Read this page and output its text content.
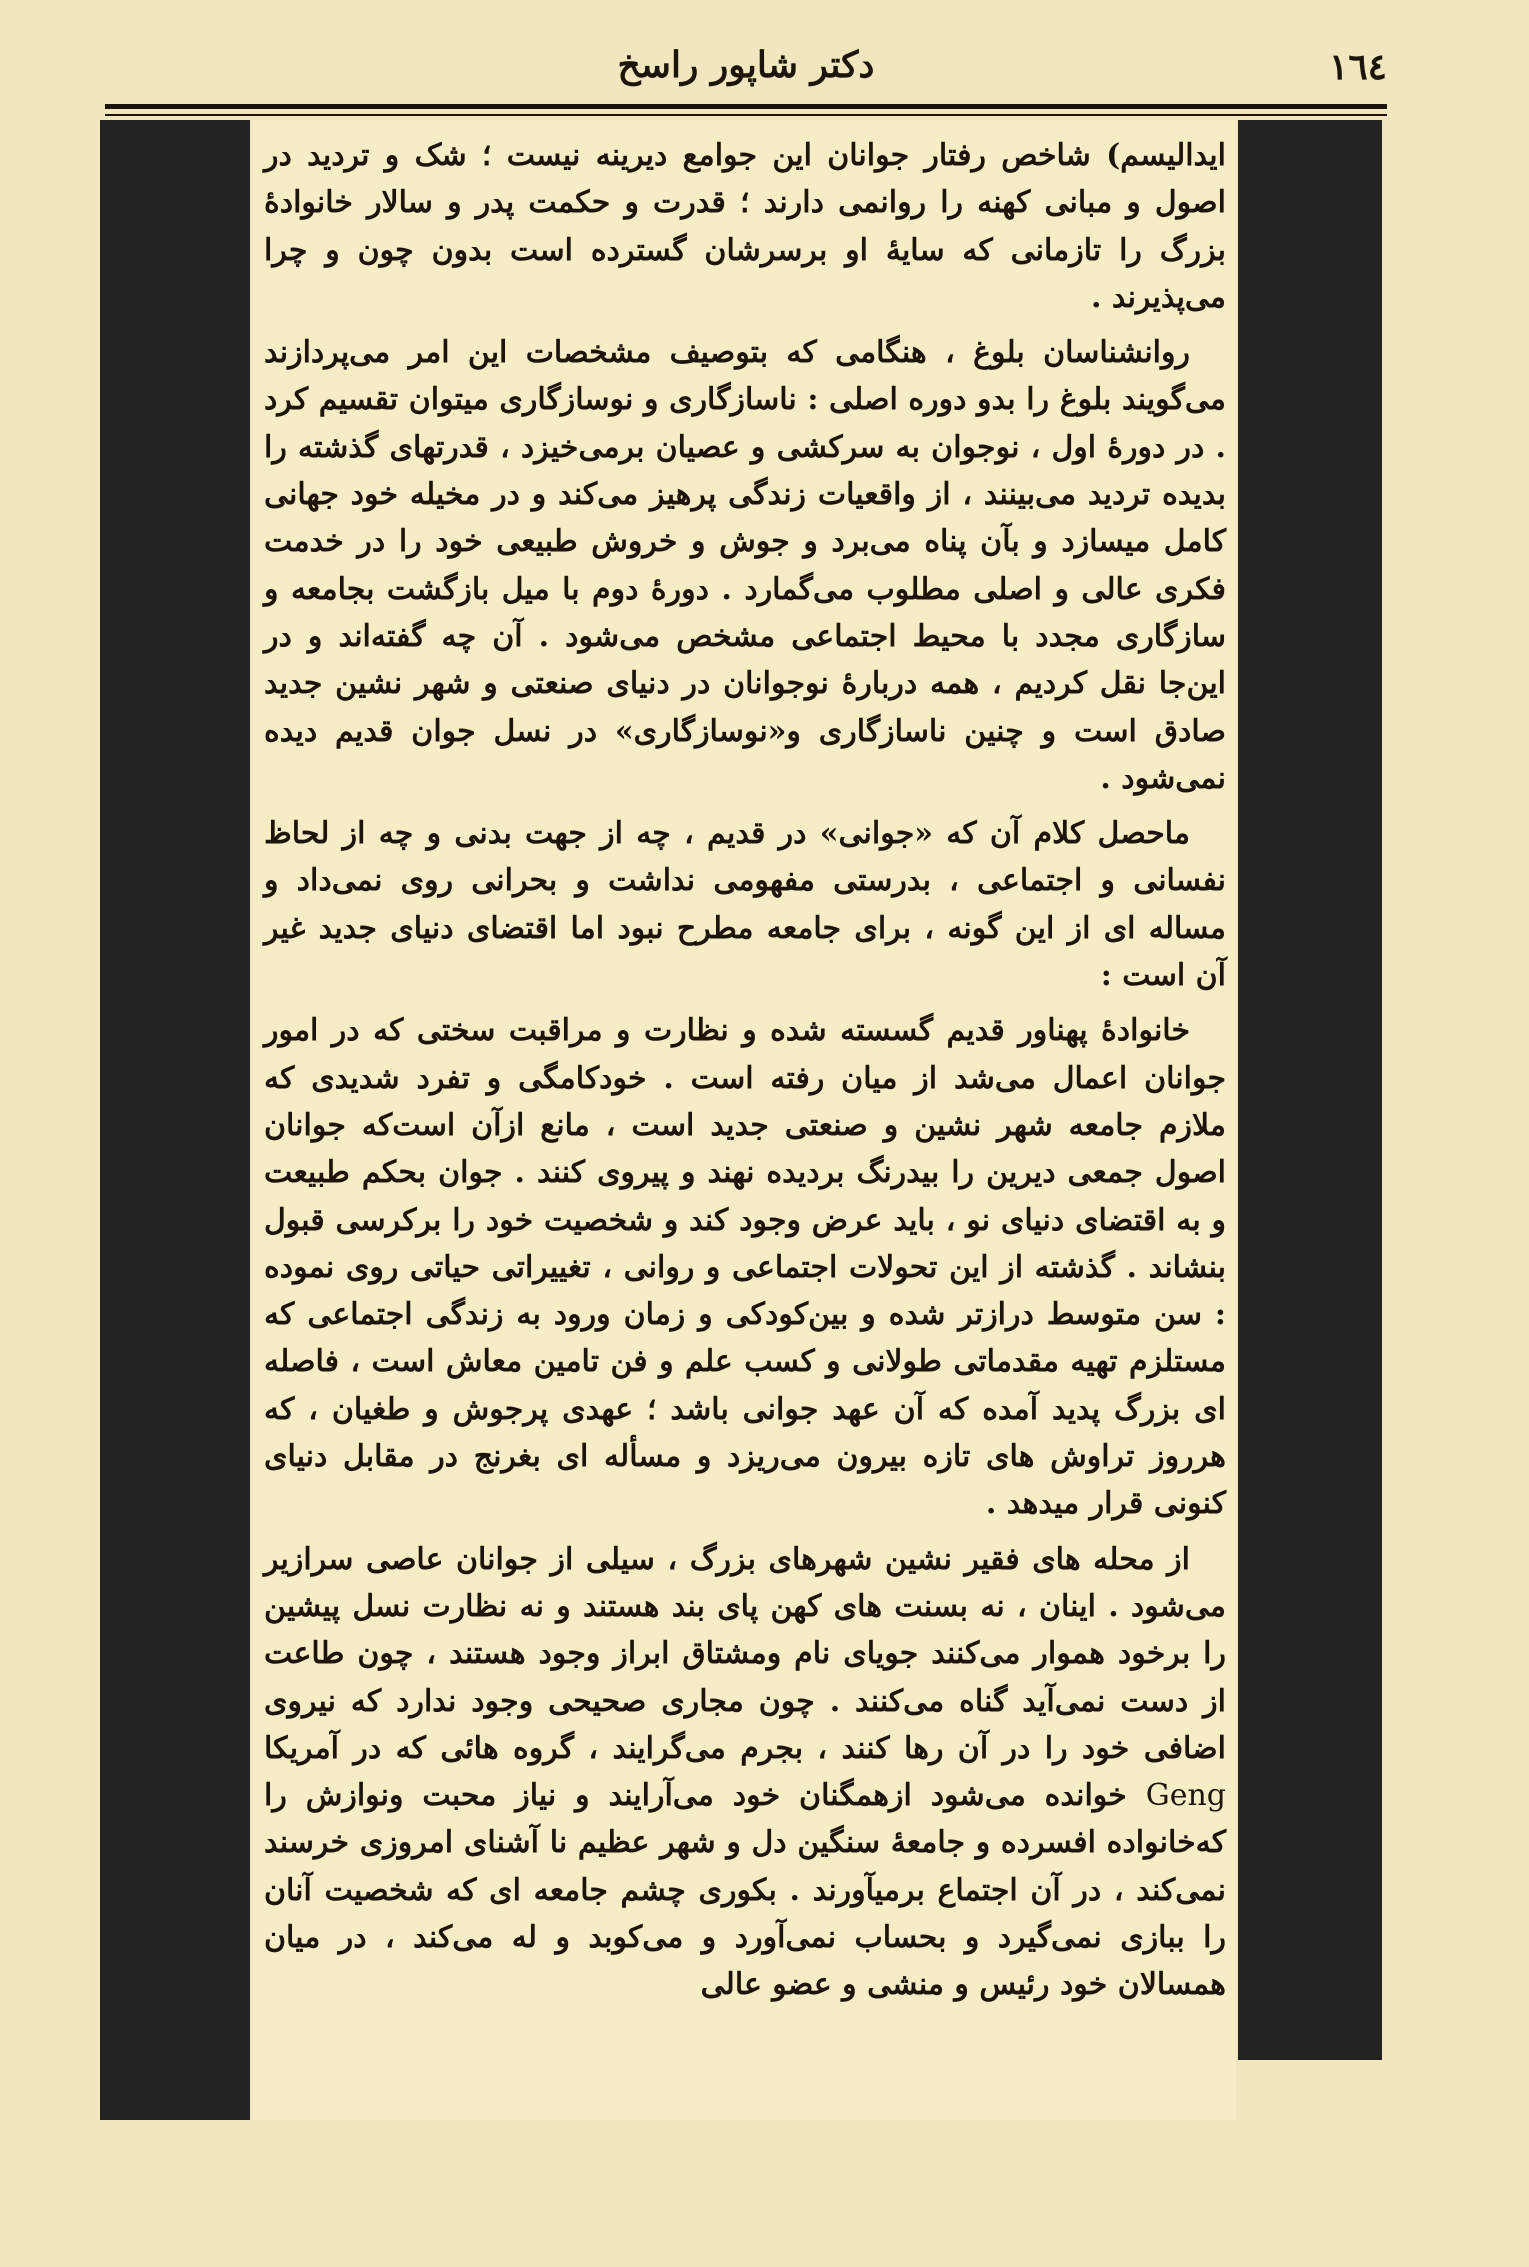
١٦٤
دکتر شاپور راسخ

ایدالیسم) شاخص رفتار جوانان این جوامع دیرینه نیست ؛ شک و تردید در اصول و مبانی کهنه را روانمی دارند ؛ قدرت و حکمت پدر و سالار خانوادهٔ بزرگ را تازمانی که سایهٔ او برسرشان گسترده است بدون چون و چرا می‌پذیرند .

روانشناسان بلوغ ، هنگامی که بتوصیف مشخصات این امر می‌پردازند می‌گویند بلوغ را بدو دوره اصلی : ناسازگاری و نوسازگاری میتوان تقسیم کرد . در دورهٔ اول ، نوجوان به سرکشی و عصیان برمی‌خیزد ، قدرتهای گذشته را بدیده تردید می‌بینند ، از واقعیات زندگی پرهیز می‌کند و در مخیله خود جهانی کامل میسازد و بآن پناه می‌برد و جوش و خروش طبیعی خود را در خدمت فکری عالی و اصلی مطلوب می‌گمارد . دورهٔ دوم با میل بازگشت بجامعه و سازگاری مجدد با محیط اجتماعی مشخص می‌شود . آن چه گفته‌اند و در این‌جا نقل کردیم ، همه دربارهٔ نوجوانان در دنیای صنعتی و شهر نشین جدید صادق است و چنین ناسازگاری و«نوسازگاری» در نسل جوان قدیم دیده نمی‌شود .

ماحصل کلام آن که «جوانی» در قدیم ، چه از جهت بدنی و چه از لحاظ نفسانی و اجتماعی ، بدرستی مفهومی نداشت و بحرانی روی نمی‌داد و مساله ای از این گونه ، برای جامعه مطرح نبود اما اقتضای دنیای جدید غیر آن است :

خانوادهٔ پهناور قدیم گسسته شده و نظارت و مراقبت سختی که در امور جوانان اعمال می‌شد از میان رفته است . خودکامگی و تفرد شدیدی که ملازم جامعه شهر نشین و صنعتی جدید است ، مانع ازآن است‌که جوانان اصول جمعی دیرین را بیدرنگ برديده نهند و پیروی کنند . جوان بحکم طبیعت و به اقتضای دنیای نو ، باید عرض وجود کند و شخصیت خود را برکرسی قبول بنشاند . گذشته از این تحولات اجتماعی و روانی ، تغییراتی حیاتی روی نموده : سن متوسط درازتر شده و بین‌کودکی و زمان ورود به زندگی اجتماعی که مستلزم تهیه مقدماتی طولانی و کسب علم و فن تامین معاش است ، فاصله ای بزرگ پدید آمده که آن عهد جوانی باشد ؛ عهدی پرجوش و طغیان ، که هرروز تراوش های تازه بیرون می‌ریزد و مسأله ای بغرنج در مقابل دنیای کنونی قرار میدهد .

از محله های فقیر نشین شهرهای بزرگ ، سیلی از جوانان عاصی سرازیر می‌شود . اینان ، نه بسنت های کهن پای بند هستند و نه نظارت نسل پیشین را برخود هموار می‌کنند جویای نام ومشتاق ابراز وجود هستند ، چون طاعت از دست نمی‌آید گناه می‌کنند . چون مجاری صحیحی وجود ندارد که نیروی اضافی خود را در آن رها کنند ، بجرم می‌گرایند ، گروه هائی که در آمریکا Geng خوانده می‌شود ازهمگنان خود می‌آرایند و نیاز محبت ونوازش را که‌خانواده افسرده و جامعهٔ سنگین دل و شهر عظیم نا آشنای امروزی خرسند نمی‌کند ، در آن اجتماع برمیآورند . بکوری چشم جامعه ای که شخصیت آنان را ببازی نمی‌گیرد و بحساب نمی‌آورد و می‌کوبد و له می‌کند ، در میان همسالان خود رئیس و منشی و عضو عالی
